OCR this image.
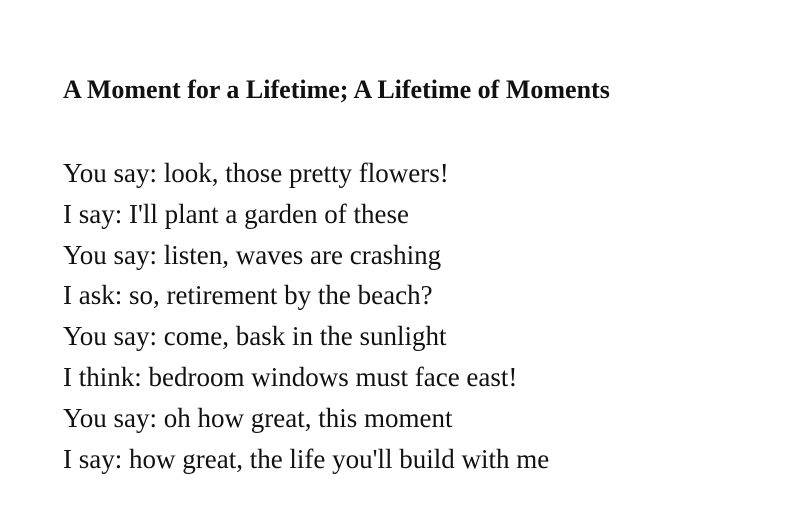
A Moment for a Lifetime; A Lifetime of Moments
You say: look, those pretty flowers!
I say: I'll plant a garden of these
You say: listen, waves are crashing
I ask: so, retirement by the beach?
You say: come, bask in the sunlight
I think: bedroom windows must face east!
You say: oh how great, this moment
I say: how great, the life you'll build with me
